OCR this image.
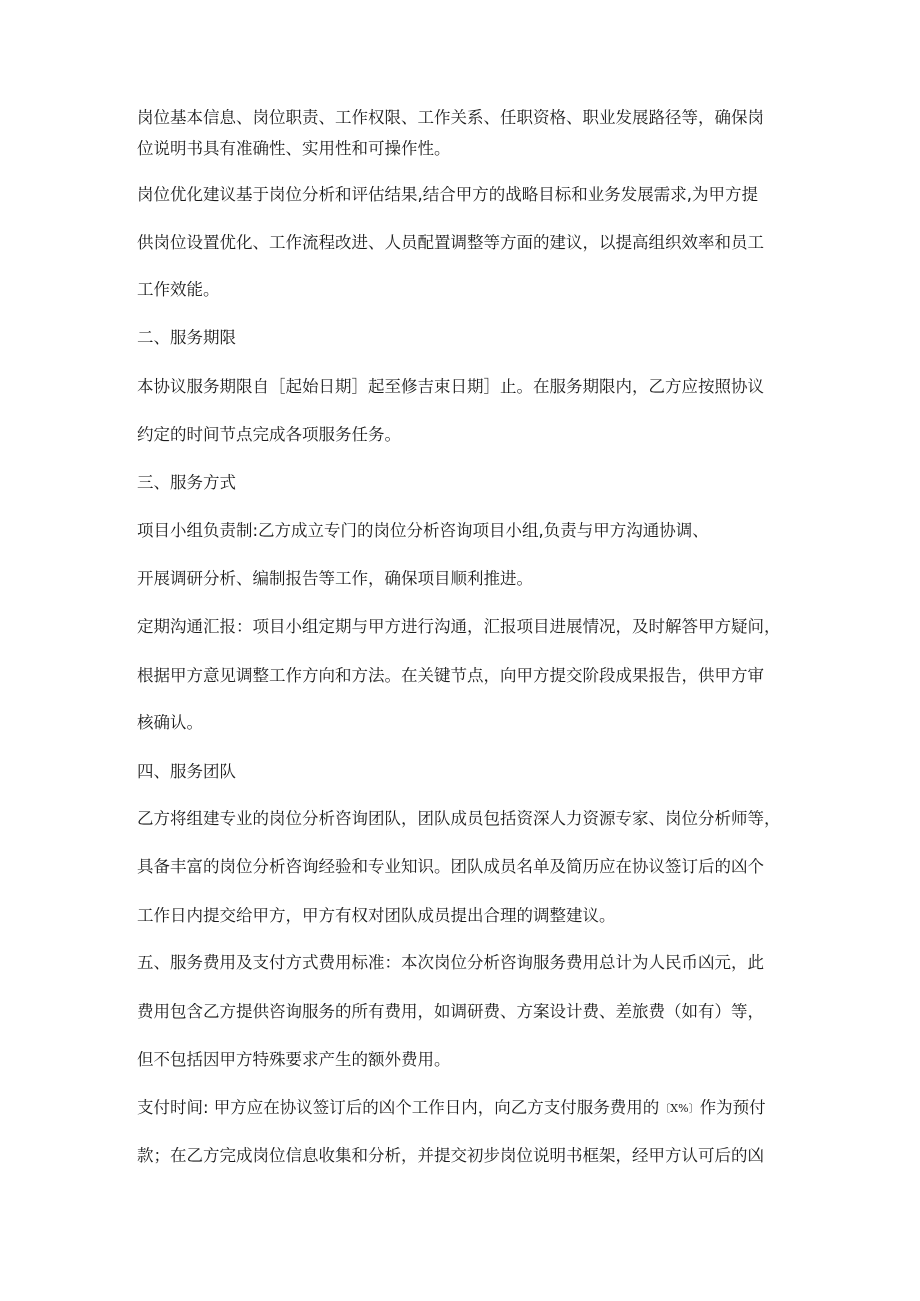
岗位基本信息、岗位职责、工作权限、工作关系、任职资格、职业发展路径等，确保岗
位说明书具有准确性、实用性和可操作性。
岗位优化建议基于岗位分析和评估结果,结合甲方的战略目标和业务发展需求,为甲方提
供岗位设置优化、工作流程改进、人员配置调整等方面的建议，以提高组织效率和员工
工作效能。
二、服务期限
本协议服务期限自［起始日期］起至修吉束日期］止。在服务期限内，乙方应按照协议
约定的时间节点完成各项服务任务。
三、服务方式
项目小组负责制:乙方成立专门的岗位分析咨询项目小组,负责与甲方沟通协调、
开展调研分析、编制报告等工作，确保项目顺利推进。
定期沟通汇报：项目小组定期与甲方进行沟通，汇报项目进展情况，及时解答甲方疑问，
根据甲方意见调整工作方向和方法。在关键节点，向甲方提交阶段成果报告，供甲方审
核确认。
四、服务团队
乙方将组建专业的岗位分析咨询团队，团队成员包括资深人力资源专家、岗位分析师等，
具备丰富的岗位分析咨询经验和专业知识。团队成员名单及简历应在协议签订后的凶个
工作日内提交给甲方，甲方有权对团队成员提出合理的调整建议。
五、服务费用及支付方式费用标准：本次岗位分析咨询服务费用总计为人民币凶元，此
费用包含乙方提供咨询服务的所有费用，如调研费、方案设计费、差旅费（如有）等，
但不包括因甲方特殊要求产生的额外费用。
支付时间: 甲方应在协议签订后的凶个工作日内，向乙方支付服务费用的〔X%〕作为预付
款；在乙方完成岗位信息收集和分析，并提交初步岗位说明书框架，经甲方认可后的凶
